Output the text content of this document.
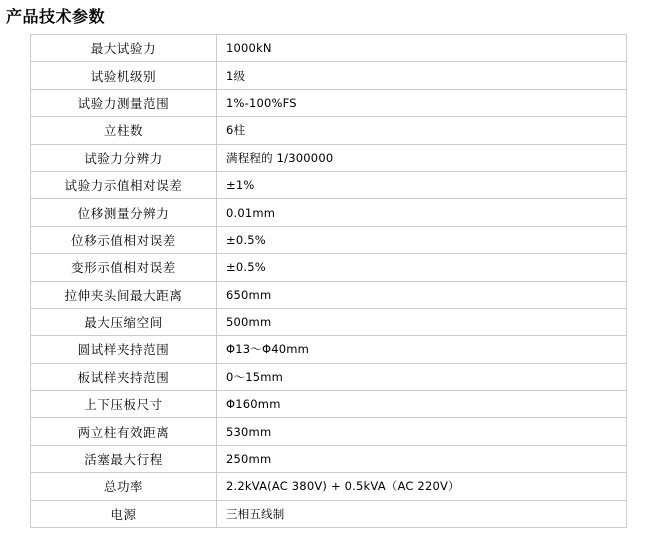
产品技术参数
最大试验力	1000kN
试验机级别	1级
试验力测量范围	1%-100%FS
立柱数	6柱
试验力分辨力	满程程的 1/300000
试验力示值相对误差	±1%
位移测量分辨力	0.01mm
位移示值相对误差	±0.5%
变形示值相对误差	±0.5%
拉伸夹头间最大距离	650mm
最大压缩空间	500mm
圆试样夹持范围	Φ13～Φ40mm
板试样夹持范围	0～15mm
上下压板尺寸	Φ160mm
两立柱有效距离	530mm
活塞最大行程	250mm
总功率	2.2kVA(AC 380V) + 0.5kVA（AC 220V）
电源	三相五线制
